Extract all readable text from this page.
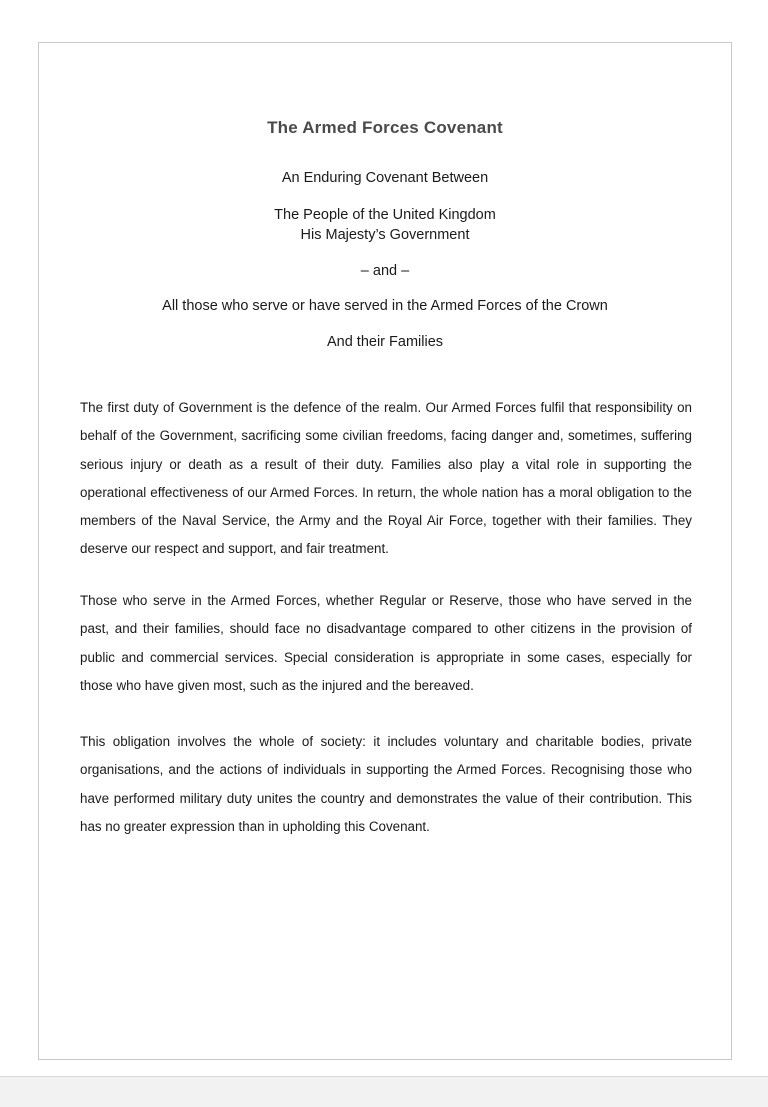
The Armed Forces Covenant

An Enduring Covenant Between

The People of the United Kingdom

His Majesty’s Government

– and –

All those who serve or have served in the Armed Forces of the Crown

And their Families

The first duty of Government is the defence of the realm. Our Armed Forces fulfil that responsibility on behalf of the Government, sacrificing some civilian freedoms, facing danger and, sometimes, suffering serious injury or death as a result of their duty. Families also play a vital role in supporting the operational effectiveness of our Armed Forces. In return, the whole nation has a moral obligation to the members of the Naval Service, the Army and the Royal Air Force, together with their families. They deserve our respect and support, and fair treatment.

Those who serve in the Armed Forces, whether Regular or Reserve, those who have served in the past, and their families, should face no disadvantage compared to other citizens in the provision of public and commercial services. Special consideration is appropriate in some cases, especially for those who have given most, such as the injured and the bereaved.

This obligation involves the whole of society: it includes voluntary and charitable bodies, private organisations, and the actions of individuals in supporting the Armed Forces. Recognising those who have performed military duty unites the country and demonstrates the value of their contribution. This has no greater expression than in upholding this Covenant.
